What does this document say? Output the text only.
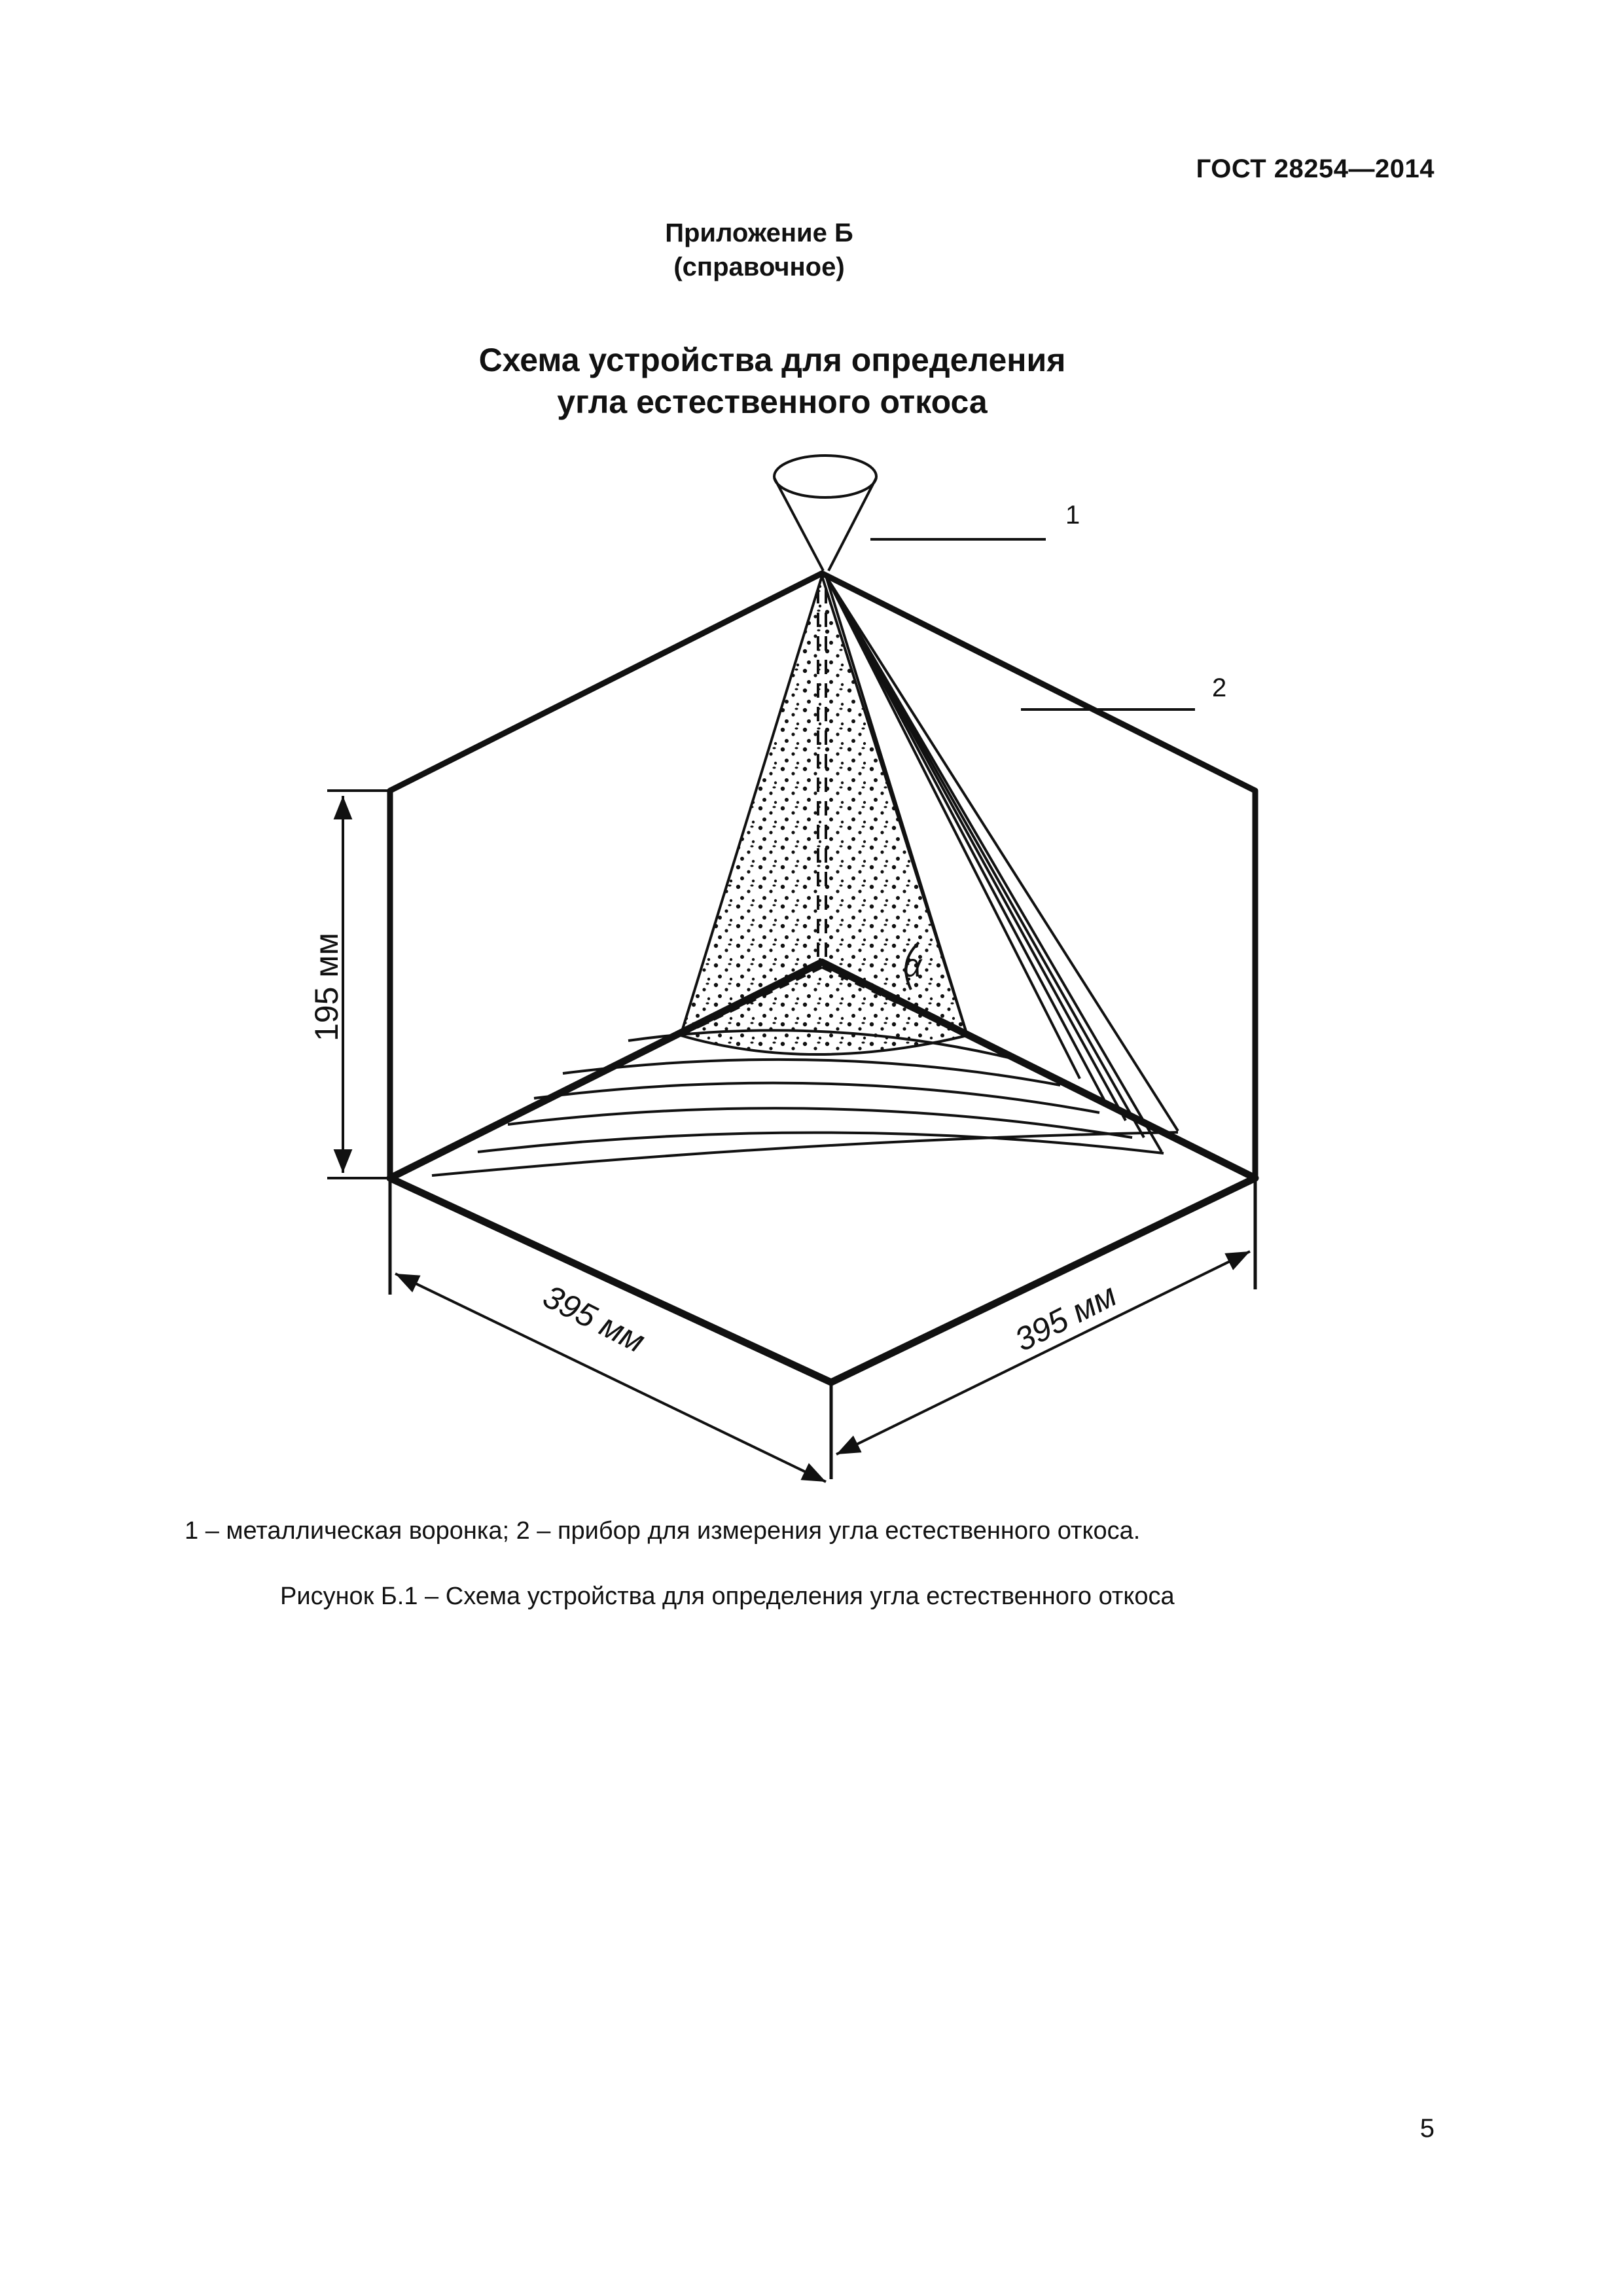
ГОСТ 28254—2014
Приложение Б
(справочное)
Схема устройства для определения
угла естественного откоса
α
1
2
195 мм
395 мм	395 мм
1 – металлическая воронка; 2 – прибор для измерения угла естественного откоса.
Рисунок Б.1 – Схема устройства для определения угла естественного откоса
5
